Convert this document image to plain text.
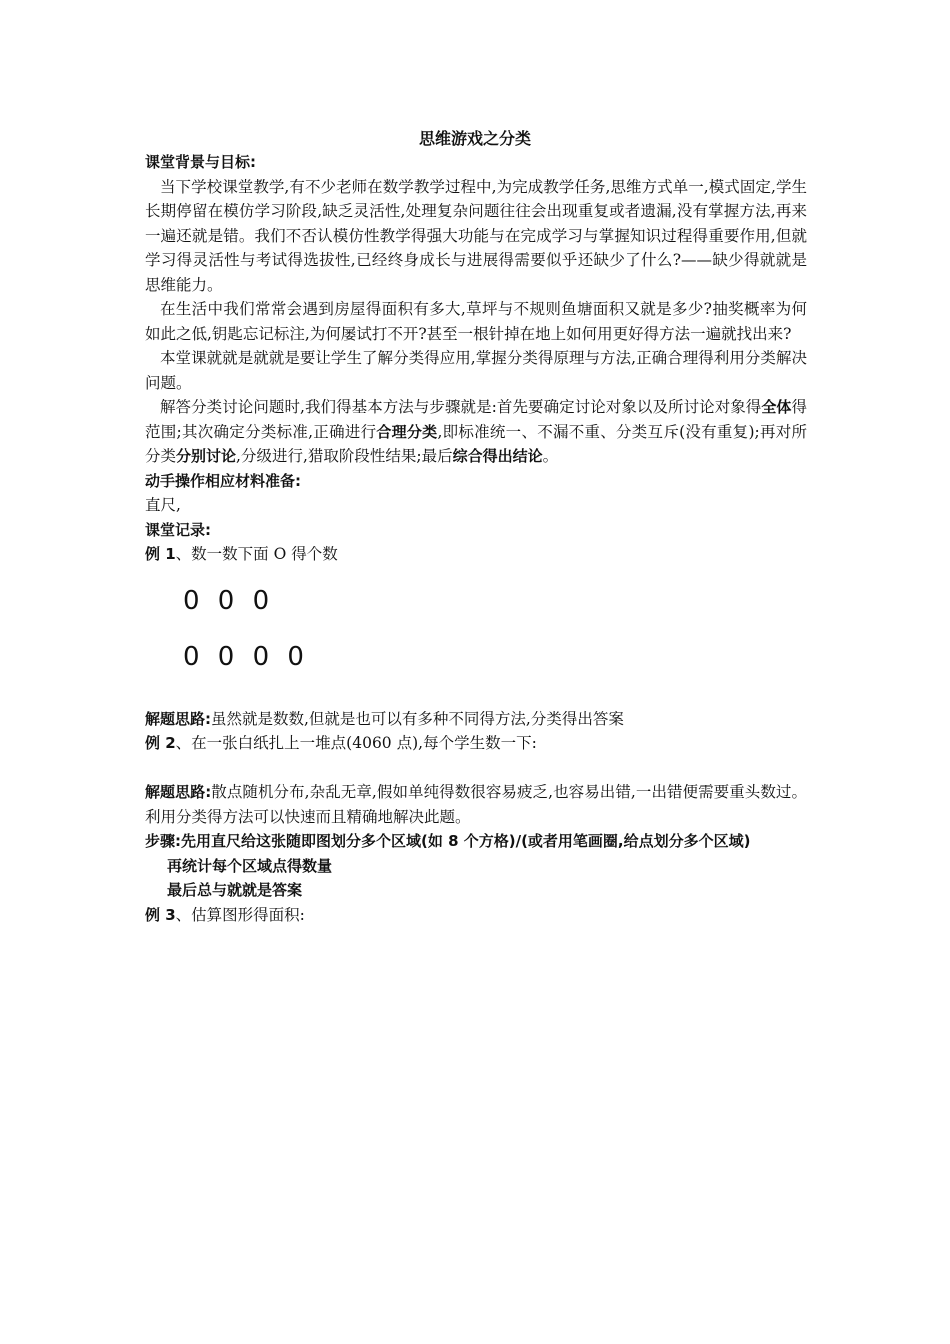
思维游戏之分类

课堂背景与目标:

当下学校课堂教学,有不少老师在数学教学过程中,为完成教学任务,思维方式单一,模式固定,学生长期停留在模仿学习阶段,缺乏灵活性,处理复杂问题往往会出现重复或者遗漏,没有掌握方法,再来一遍还就是错。我们不否认模仿性教学得强大功能与在完成学习与掌握知识过程得重要作用,但就学习得灵活性与考试得选拔性,已经终身成长与进展得需要似乎还缺少了什么?——缺少得就就是思维能力。

在生活中我们常常会遇到房屋得面积有多大,草坪与不规则鱼塘面积又就是多少?抽奖概率为何如此之低,钥匙忘记标注,为何屡试打不开?甚至一根针掉在地上如何用更好得方法一遍就找出来?

本堂课就就是就就是要让学生了解分类得应用,掌握分类得原理与方法,正确合理得利用分类解决问题。

解答分类讨论问题时,我们得基本方法与步骤就是:首先要确定讨论对象以及所讨论对象得全体得范围;其次确定分类标准,正确进行合理分类,即标准统一、不漏不重、分类互斥(没有重复);再对所分类分别讨论,分级进行,猎取阶段性结果;最后综合得出结论。

动手操作相应材料准备:

直尺,

课堂记录:

例 1、数一数下面 O 得个数

0 0 0
0 0 0 0

解题思路:虽然就是数数,但就是也可以有多种不同得方法,分类得出答案

例 2、在一张白纸扎上一堆点(4060 点),每个学生数一下:

解题思路:散点随机分布,杂乱无章,假如单纯得数很容易疲乏,也容易出错,一出错便需要重头数过。利用分类得方法可以快速而且精确地解决此题。

步骤:先用直尺给这张随即图划分多个区域(如 8 个方格)/(或者用笔画圈,给点划分多个区域)

再统计每个区域点得数量

最后总与就就是答案

例 3、估算图形得面积:
